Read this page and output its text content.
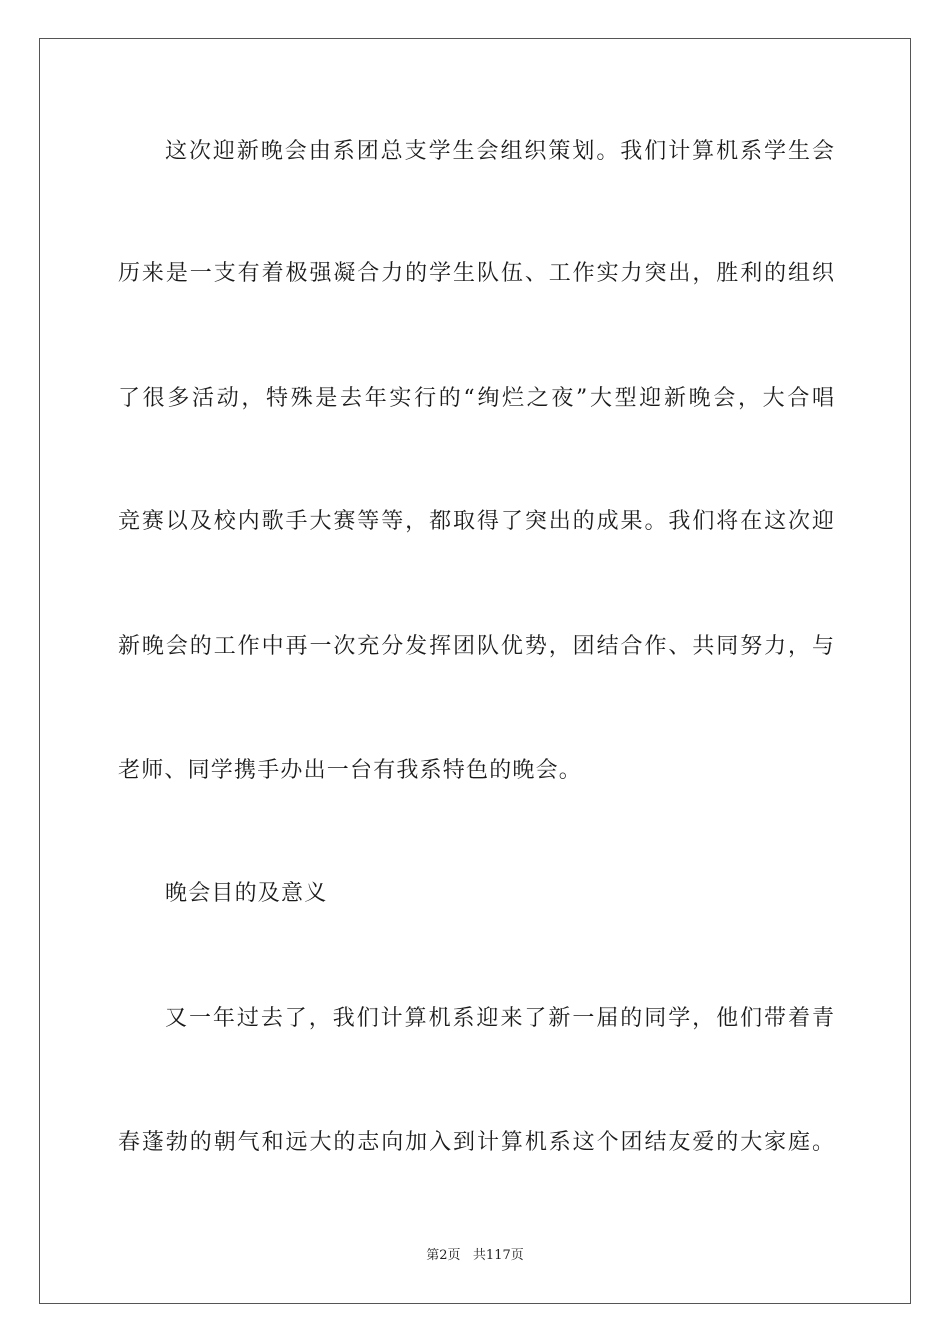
这次迎新晚会由系团总支学生会组织策划。我们计算机系学生会
历来是一支有着极强凝合力的学生队伍、工作实力突出，胜利的组织
了很多活动，特殊是去年实行的“绚烂之夜”大型迎新晚会，大合唱
竞赛以及校内歌手大赛等等，都取得了突出的成果。我们将在这次迎
新晚会的工作中再一次充分发挥团队优势，团结合作、共同努力，与
老师、同学携手办出一台有我系特色的晚会。
晚会目的及意义
又一年过去了，我们计算机系迎来了新一届的同学，他们带着青
春蓬勃的朝气和远大的志向加入到计算机系这个团结友爱的大家庭。
第2页 共117页
